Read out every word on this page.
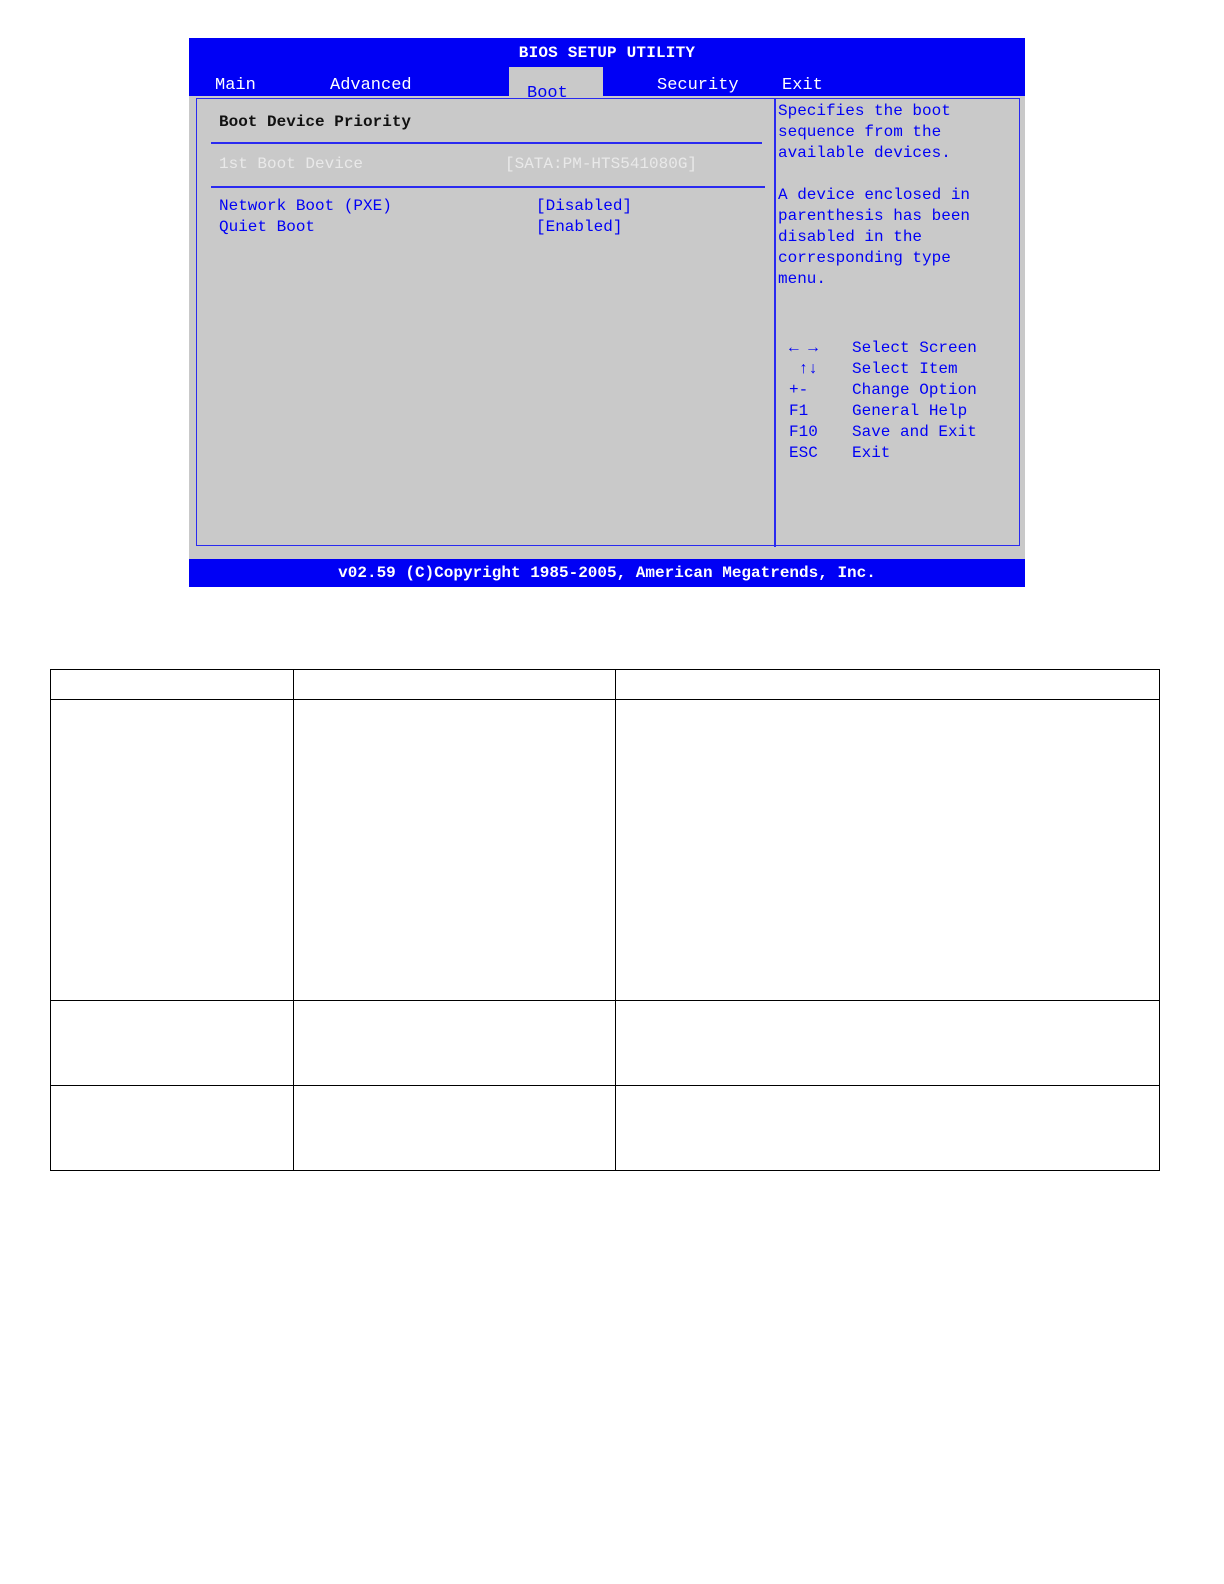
BIOS SETUP UTILITY
Main	Advanced	Boot	Security	Exit
Boot Device Priority
1st Boot Device	[SATA:PM-HTS541080G]
Network Boot (PXE)	[Disabled]
Quiet Boot	[Enabled]

Specifies the boot

sequence from the

available devices.

A device enclosed in

parenthesis has been

disabled in the

corresponding type

menu.

← →	Select Screen
↑↓	Select Item
+-	Change Option
F1	General Help
F10	Save and Exit
ESC	Exit
v02.59 (C)Copyright 1985-2005, American Megatrends, Inc.
